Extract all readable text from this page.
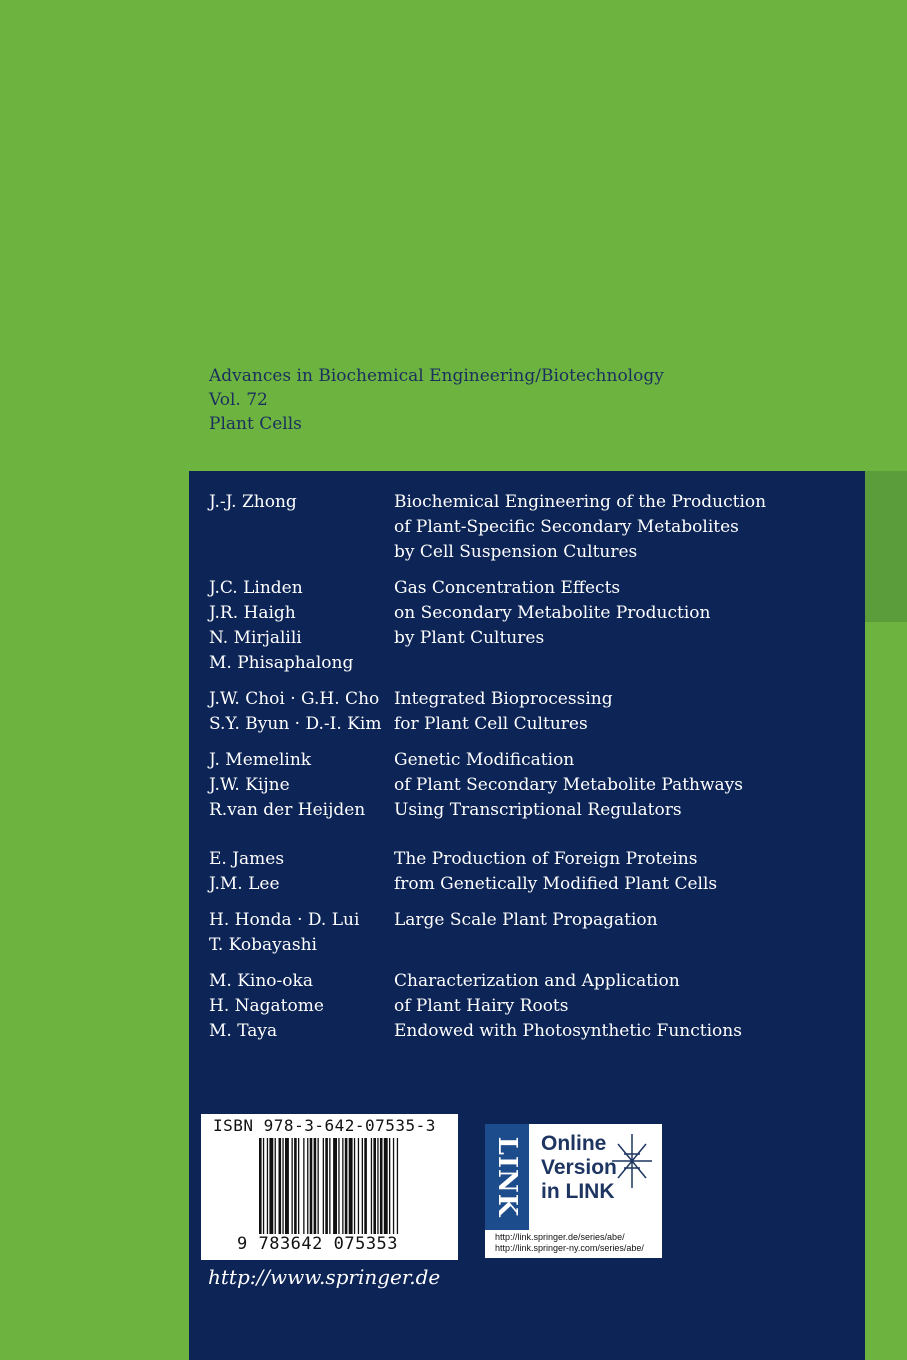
Advances in Biochemical Engineering/Biotechnology
Vol. 72
Plant Cells
J.-J. Zhong	Biochemical Engineering of the Production
of Plant-Specific Secondary Metabolites
by Cell Suspension Cultures
J.C. Linden
J.R. Haigh
N. Mirjalili
M. Phisaphalong
Gas Concentration Effects
on Secondary Metabolite Production
by Plant Cultures
J.W. Choi · G.H. Cho
S.Y. Byun · D.-I. Kim
Integrated Bioprocessing
for Plant Cell Cultures
J. Memelink
J.W. Kijne
R.van der Heijden
Genetic Modification
of Plant Secondary Metabolite Pathways
Using Transcriptional Regulators
E. James
J.M. Lee
The Production of Foreign Proteins
from Genetically Modified Plant Cells
H. Honda · D. Lui
T. Kobayashi
Large Scale Plant Propagation
M. Kino-oka
H. Nagatome
M. Taya
Characterization and Application
of Plant Hairy Roots
Endowed with Photosynthetic Functions
ISBN 978-3-642-07535-3
9 783642 075353
LINK Online
Version
in LINK
http://link.springer.de/series/abe/
http://link.springer-ny.com/series/abe/
http://www.springer.de
